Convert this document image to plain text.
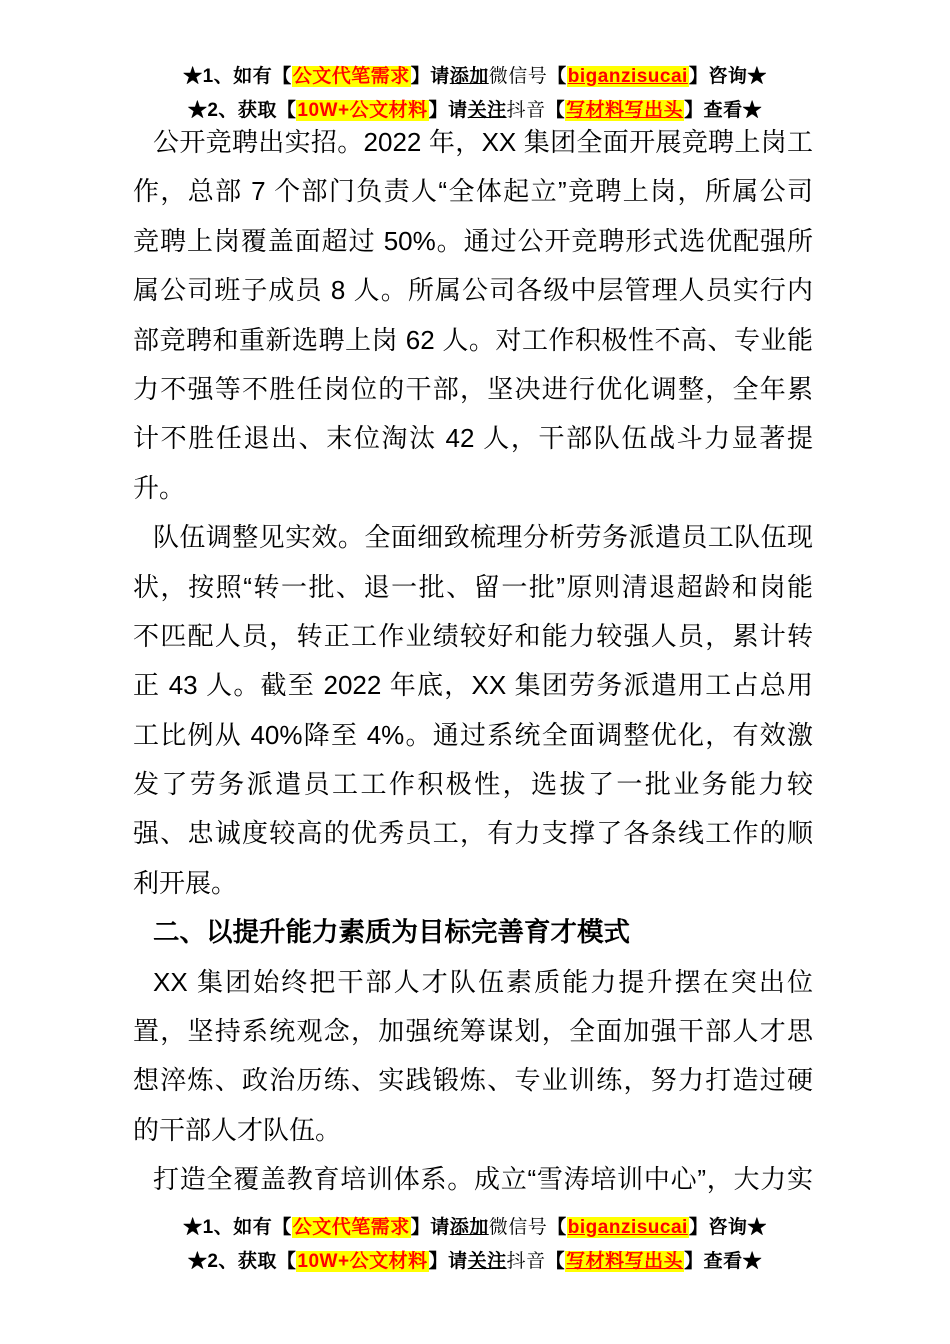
★1、如有【公文代笔需求】请添加微信号【biganzisucai】咨询★
★2、获取【10W+公文材料】请关注抖音【写材料写出头】查看★
公开竞聘出实招。2022 年，XX 集团全面开展竞聘上岗工
作，总部 7 个部门负责人“全体起立”竞聘上岗，所属公司
竞聘上岗覆盖面超过 50%。通过公开竞聘形式选优配强所
属公司班子成员 8 人。所属公司各级中层管理人员实行内
部竞聘和重新选聘上岗 62 人。对工作积极性不高、专业能
力不强等不胜任岗位的干部，坚决进行优化调整，全年累
计不胜任退出、末位淘汰 42 人，干部队伍战斗力显著提
升。
队伍调整见实效。全面细致梳理分析劳务派遣员工队伍现
状，按照“转一批、退一批、留一批”原则清退超龄和岗能
不匹配人员，转正工作业绩较好和能力较强人员，累计转
正 43 人。截至 2022 年底，XX 集团劳务派遣用工占总用
工比例从 40%降至 4%。通过系统全面调整优化，有效激
发了劳务派遣员工工作积极性，选拔了一批业务能力较
强、忠诚度较高的优秀员工，有力支撑了各条线工作的顺
利开展。
二、以提升能力素质为目标完善育才模式
XX 集团始终把干部人才队伍素质能力提升摆在突出位
置，坚持系统观念，加强统筹谋划，全面加强干部人才思
想淬炼、政治历练、实践锻炼、专业训练，努力打造过硬
的干部人才队伍。
打造全覆盖教育培训体系。成立“雪涛培训中心”，大力实
★1、如有【公文代笔需求】请添加微信号【biganzisucai】咨询★
★2、获取【10W+公文材料】请关注抖音【写材料写出头】查看★
